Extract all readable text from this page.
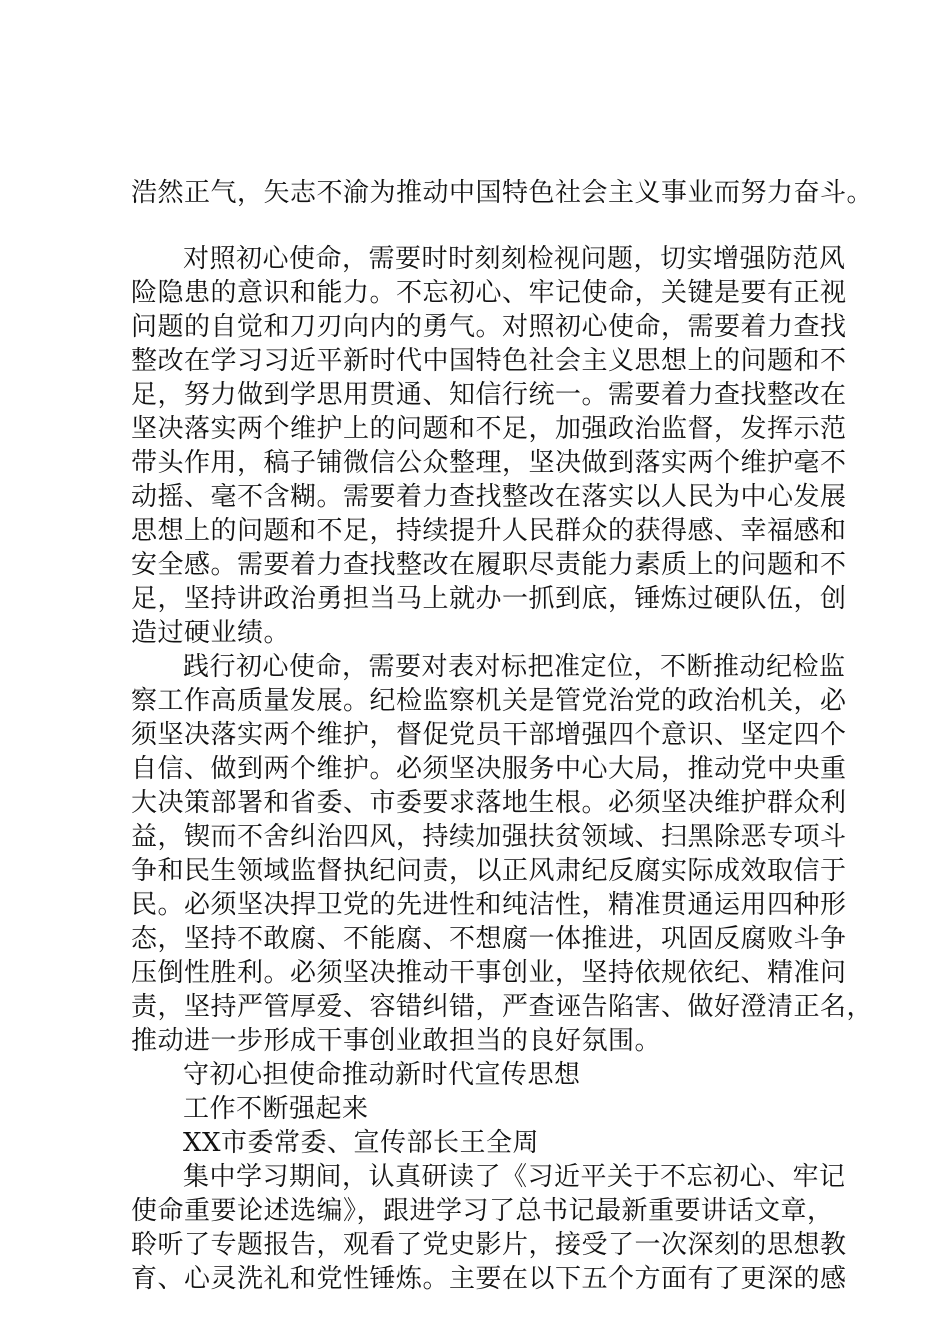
浩然正气，矢志不渝为推动中国特色社会主义事业而努力奋斗。
对照初心使命，需要时时刻刻检视问题，切实增强防范风
险隐患的意识和能力。不忘初心、牢记使命，关键是要有正视
问题的自觉和刀刃向内的勇气。对照初心使命，需要着力查找
整改在学习习近平新时代中国特色社会主义思想上的问题和不
足，努力做到学思用贯通、知信行统一。需要着力查找整改在
坚决落实两个维护上的问题和不足，加强政治监督，发挥示范
带头作用，稿子铺微信公众整理，坚决做到落实两个维护毫不
动摇、毫不含糊。需要着力查找整改在落实以人民为中心发展
思想上的问题和不足，持续提升人民群众的获得感、幸福感和
安全感。需要着力查找整改在履职尽责能力素质上的问题和不
足，坚持讲政治勇担当马上就办一抓到底，锤炼过硬队伍，创
造过硬业绩。
践行初心使命，需要对表对标把准定位，不断推动纪检监
察工作高质量发展。纪检监察机关是管党治党的政治机关，必
须坚决落实两个维护，督促党员干部增强四个意识、坚定四个
自信、做到两个维护。必须坚决服务中心大局，推动党中央重
大决策部署和省委、市委要求落地生根。必须坚决维护群众利
益，锲而不舍纠治四风，持续加强扶贫领域、扫黑除恶专项斗
争和民生领域监督执纪问责，以正风肃纪反腐实际成效取信于
民。必须坚决捍卫党的先进性和纯洁性，精准贯通运用四种形
态，坚持不敢腐、不能腐、不想腐一体推进，巩固反腐败斗争
压倒性胜利。必须坚决推动干事创业，坚持依规依纪、精准问
责，坚持严管厚爱、容错纠错，严查诬告陷害、做好澄清正名，
推动进一步形成干事创业敢担当的良好氛围。
守初心担使命推动新时代宣传思想
工作不断强起来
XX市委常委、宣传部长王全周
集中学习期间，认真研读了《习近平关于不忘初心、牢记
使命重要论述选编》，跟进学习了总书记最新重要讲话文章，
聆听了专题报告，观看了党史影片，接受了一次深刻的思想教
育、心灵洗礼和党性锤炼。主要在以下五个方面有了更深的感
